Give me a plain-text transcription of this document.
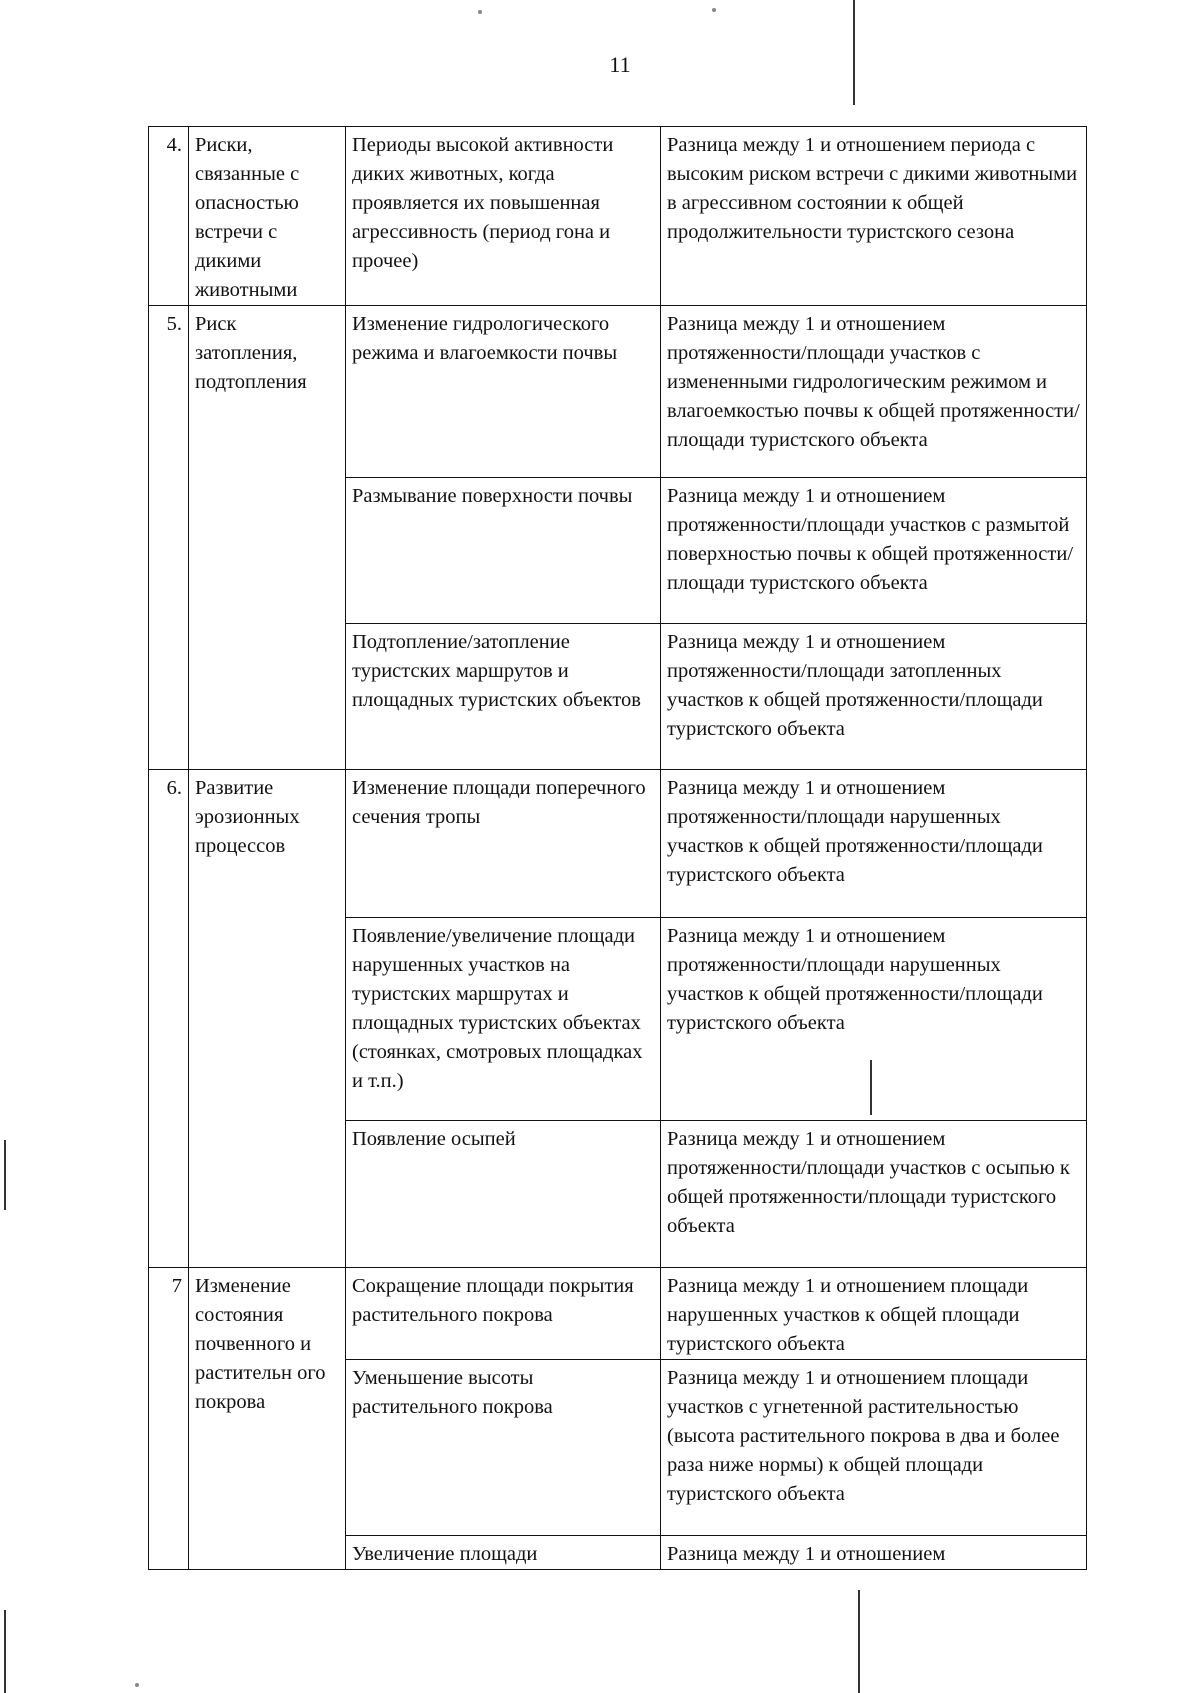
11
4.	Риски, связанные с опасностью встречи с дикими животными	Периоды высокой активности диких животных, когда проявляется их повышенная агрессивность (период гона и прочее)	Разница между 1 и отношением периода с высоким риском встречи с дикими животными в агрессивном состоянии к общей продолжительности туристского сезона
5.	Риск затопления, подтопления	Изменение гидрологического режима и влагоемкости почвы	Разница между 1 и отношением протяженности/площади участков с измененными гидрологическим режимом и влагоемкостью почвы к общей протяженности/площади туристского объекта
		Размывание поверхности почвы	Разница между 1 и отношением протяженности/площади участков с размытой поверхностью почвы к общей протяженности/площади туристского объекта
		Подтопление/затопление туристских маршрутов и площадных туристских объектов	Разница между 1 и отношением протяженности/площади затопленных участков к общей протяженности/площади туристского объекта
6.	Развитие эрозионных процессов	Изменение площади поперечного сечения тропы	Разница между 1 и отношением протяженности/площади нарушенных участков к общей протяженности/площади туристского объекта
		Появление/увеличение площади нарушенных участков на туристских маршрутах и площадных туристских объектах (стоянках, смотровых площадках и т.п.)	Разница между 1 и отношением протяженности/площади нарушенных участков к общей протяженности/площади туристского объекта
		Появление осыпей	Разница между 1 и отношением протяженности/площади участков с осыпью к общей протяженности/площади туристского объекта
7	Изменение состояния почвенного и растительн ого покрова	Сокращение площади покрытия растительного покрова	Разница между 1 и отношением площади нарушенных участков к общей площади туристского объекта
		Уменьшение высоты растительного покрова	Разница между 1 и отношением площади участков с угнетенной растительностью (высота растительного покрова в два и более раза ниже нормы) к общей площади туристского объекта
		Увеличение площади	Разница между 1 и отношением
